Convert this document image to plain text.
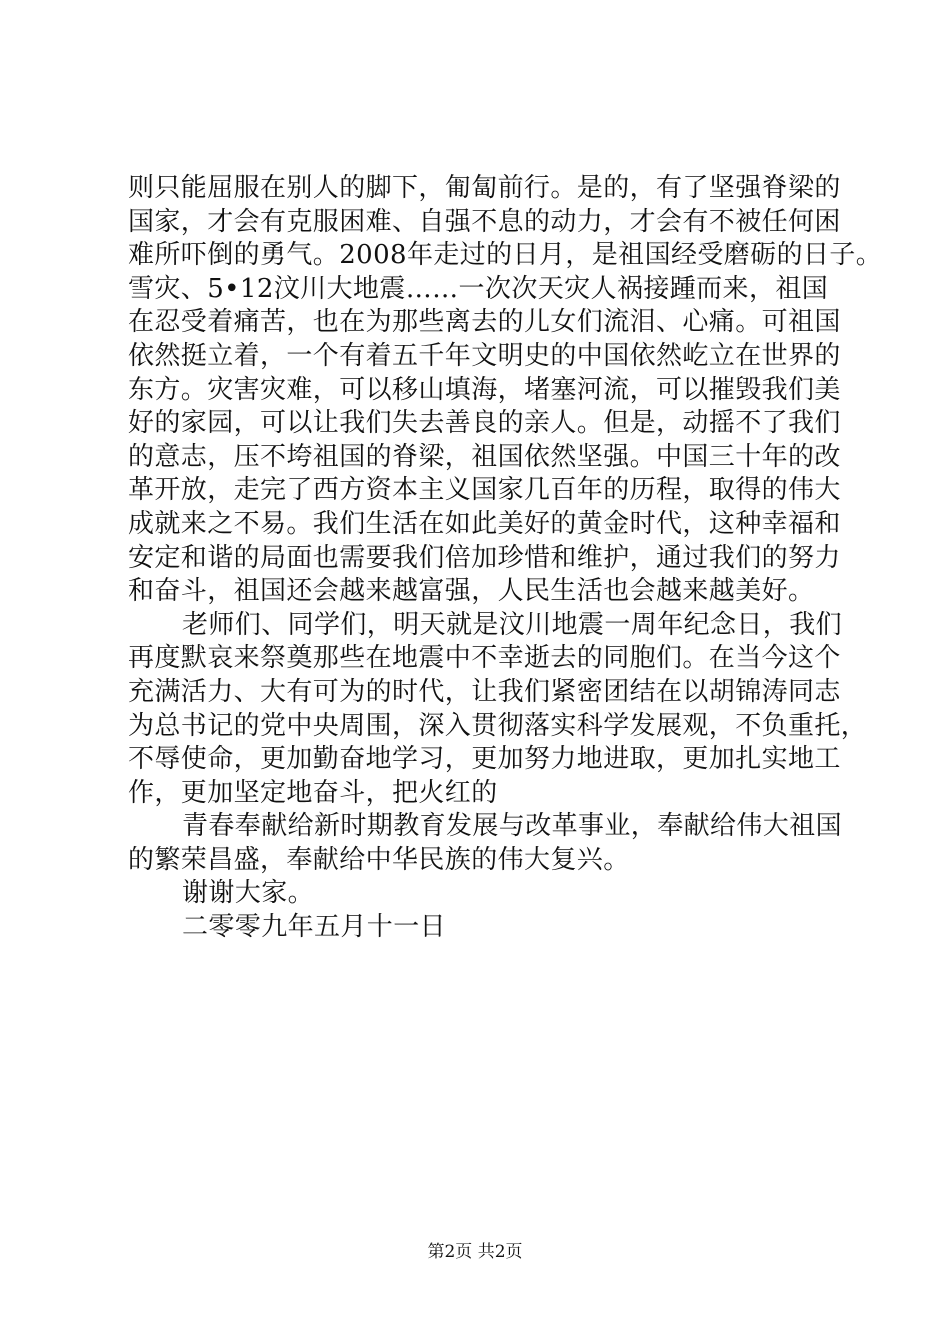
则只能屈服在别人的脚下，匍匐前行。是的，有了坚强脊梁的
国家，才会有克服困难、自强不息的动力，才会有不被任何困
难所吓倒的勇气。2008年走过的日月，是祖国经受磨砺的日子。
雪灾、5•12汶川大地震……一次次天灾人祸接踵而来，祖国
在忍受着痛苦，也在为那些离去的儿女们流泪、心痛。可祖国
依然挺立着，一个有着五千年文明史的中国依然屹立在世界的
东方。灾害灾难，可以移山填海，堵塞河流，可以摧毁我们美
好的家园，可以让我们失去善良的亲人。但是，动摇不了我们
的意志，压不垮祖国的脊梁，祖国依然坚强。中国三十年的改
革开放，走完了西方资本主义国家几百年的历程，取得的伟大
成就来之不易。我们生活在如此美好的黄金时代，这种幸福和
安定和谐的局面也需要我们倍加珍惜和维护，通过我们的努力
和奋斗，祖国还会越来越富强，人民生活也会越来越美好。
老师们、同学们，明天就是汶川地震一周年纪念日，我们
再度默哀来祭奠那些在地震中不幸逝去的同胞们。在当今这个
充满活力、大有可为的时代，让我们紧密团结在以胡锦涛同志
为总书记的党中央周围，深入贯彻落实科学发展观，不负重托，
不辱使命，更加勤奋地学习，更加努力地进取，更加扎实地工
作，更加坚定地奋斗，把火红的
青春奉献给新时期教育发展与改革事业，奉献给伟大祖国
的繁荣昌盛，奉献给中华民族的伟大复兴。
谢谢大家。
二零零九年五月十一日
第2页 共2页
